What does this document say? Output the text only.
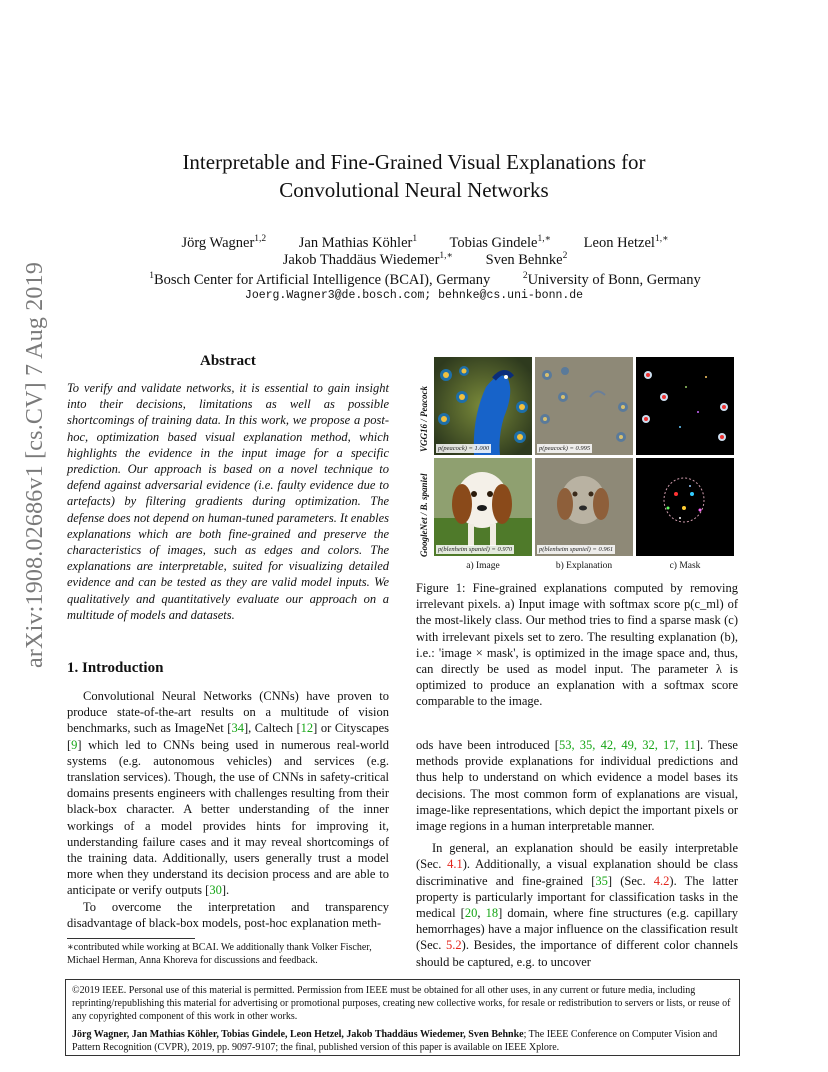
Interpretable and Fine-Grained Visual Explanations for
Convolutional Neural Networks
Jörg Wagner$^{1,2}$ Jan Mathias Köhler$^1$ Tobias Gindele$^{1,∗}$ Leon Hetzel$^{1,∗}$
Jakob Thaddäus Wiedemer$^{1,∗}$ Sven Behnke$^2$
$^1$Bosch Center for Artificial Intelligence (BCAI), Germany	$^2$University of Bonn, Germany
Joerg.Wagner3@de.bosch.com; behnke@cs.uni-bonn.de
arXiv:1908.02686v1 [cs.CV] 7 Aug 2019	Abstract
To verify and validate networks, it is essential to gain insight into their decisions, limitations as well as possible shortcomings of training data. In this work, we propose a post-hoc, optimization based visual explanation method, which highlights the evidence in the input image for a specific prediction. Our approach is based on a novel technique to defend against adversarial evidence (i.e. faulty evidence due to artefacts) by filtering gradients during optimization. The defense does not depend on human-tuned parameters. It enables explanations which are both fine-grained and preserve the characteristics of images, such as edges and colors. The explanations are interpretable, suited for visualizing detailed evidence and can be tested as they are valid model inputs. We qualitatively and quantitatively evaluate our approach on a multitude of models and datasets.
1. Introduction

Convolutional Neural Networks (CNNs) have proven to produce state-of-the-art results on a multitude of vision benchmarks, such as ImageNet [34], Caltech [12] or Cityscapes [9] which led to CNNs being used in numerous real-world systems (e.g. autonomous vehicles) and services (e.g. translation services). Though, the use of CNNs in safety-critical domains presents engineers with challenges resulting from their black-box character. A better understanding of the inner workings of a model provides hints for improving it, understanding failure cases and it may reveal shortcomings of the training data. Additionally, users generally trust a model more when they understand its decision process and are able to anticipate or verify outputs [30].

To overcome the interpretation and transparency disadvantage of black-box models, post-hoc explanation meth-

∗contributed while working at BCAI. We additionally thank Volker Fischer, Michael Herman, Anna Khoreva for discussions and feedback.
VGG16 / Peacock
GoogleNet / B. spaniel
p(peacock) = 1.000	p(peacock) = 0.995
p(blenheim spaniel) = 0.970	p(blenheim spaniel) = 0.961
a) Image	b) Explanation	c) Mask
Figure 1: Fine-grained explanations computed by removing irrelevant pixels. a) Input image with softmax score p(c_ml) of the most-likely class. Our method tries to find a sparse mask (c) with irrelevant pixels set to zero. The resulting explanation (b), i.e.: 'image × mask', is optimized in the image space and, thus, can directly be used as model input. The parameter λ is optimized to produce an explanation with a softmax score comparable to the image.

ods have been introduced [53, 35, 42, 49, 32, 17, 11]. These methods provide explanations for individual predictions and thus help to understand on which evidence a model bases its decisions. The most common form of explanations are visual, image-like representations, which depict the important pixels or image regions in a human interpretable manner.

In general, an explanation should be easily interpretable (Sec. 4.1). Additionally, a visual explanation should be class discriminative and fine-grained [35] (Sec. 4.2). The latter property is particularly important for classification tasks in the medical [20, 18] domain, where fine structures (e.g. capillary hemorrhages) have a major influence on the classification result (Sec. 5.2). Besides, the importance of different color channels should be captured, e.g. to uncover

©2019 IEEE. Personal use of this material is permitted. Permission from IEEE must be obtained for all other uses, in any current or future media, including reprinting/republishing this material for advertising or promotional purposes, creating new collective works, for resale or redistribution to servers or lists, or reuse of any copyrighted component of this work in other works.

Jörg Wagner, Jan Mathias Köhler, Tobias Gindele, Leon Hetzel, Jakob Thaddäus Wiedemer, Sven Behnke; The IEEE Conference on Computer Vision and Pattern Recognition (CVPR), 2019, pp. 9097-9107; the final, published version of this paper is available on IEEE Xplore.
